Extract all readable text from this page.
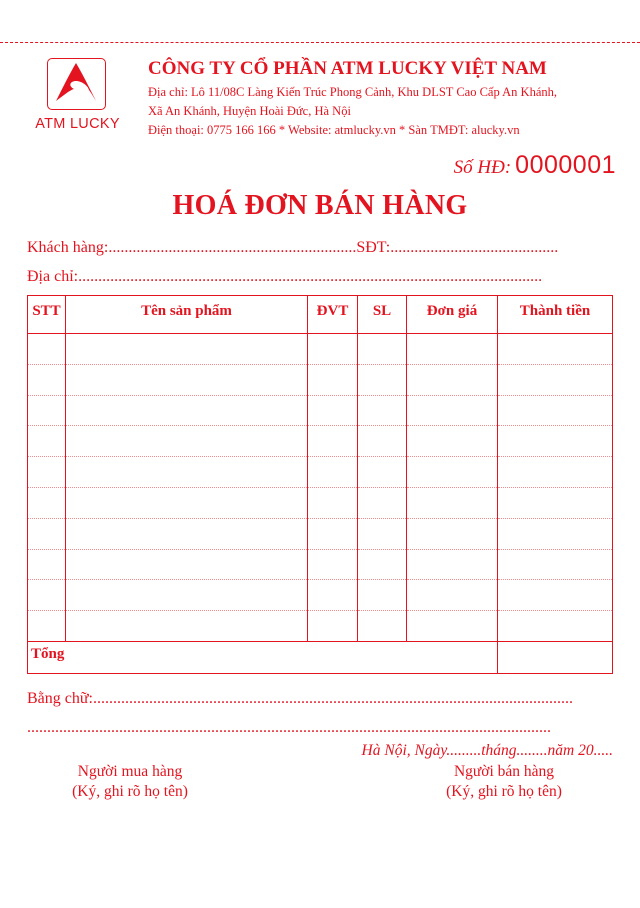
ATM LUCKY
CÔNG TY CỔ PHẦN ATM LUCKY VIỆT NAM
Địa chỉ: Lô 11/08C Làng Kiến Trúc Phong Cảnh, Khu DLST Cao Cấp An Khánh,
Xã An Khánh, Huyện Hoài Đức, Hà Nội
Điện thoại: 0775 166 166 * Website: atmlucky.vn * Sàn TMĐT: alucky.vn
Số HĐ: 0000001
HOÁ ĐƠN BÁN HÀNG
Khách hàng:..............................................................SĐT:..........................................
Địa chỉ:....................................................................................................................
STT	Tên sản phẩm	ĐVT	SL	Đơn giá	Thành tiền

Tổng					
Bằng chữ:........................................................................................................................
...................................................................................................................................
Hà Nội, Ngày.........tháng........năm 20.....
Người mua hàng
(Ký, ghi rõ họ tên)
Người bán hàng
(Ký, ghi rõ họ tên)
